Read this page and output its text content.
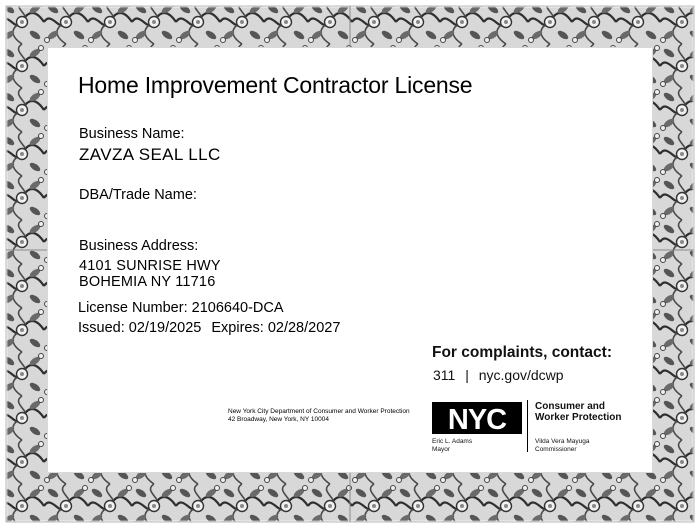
Home Improvement Contractor License
Business Name:
ZAVZA SEAL LLC
DBA/Trade Name:
Business Address:
4101 SUNRISE HWY
BOHEMIA NY 11716
License Number: 2106640-DCA
Issued: 02/19/2025 Expires: 02/28/2027
For complaints, contact:
311 | nyc.gov/dcwp
New York City Department of Consumer and Worker Protection
42 Broadway, New York, NY 10004	NYC	Consumer and
Worker Protection
Eric L. Adams
Mayor
Vilda Vera Mayuga
Commissioner
